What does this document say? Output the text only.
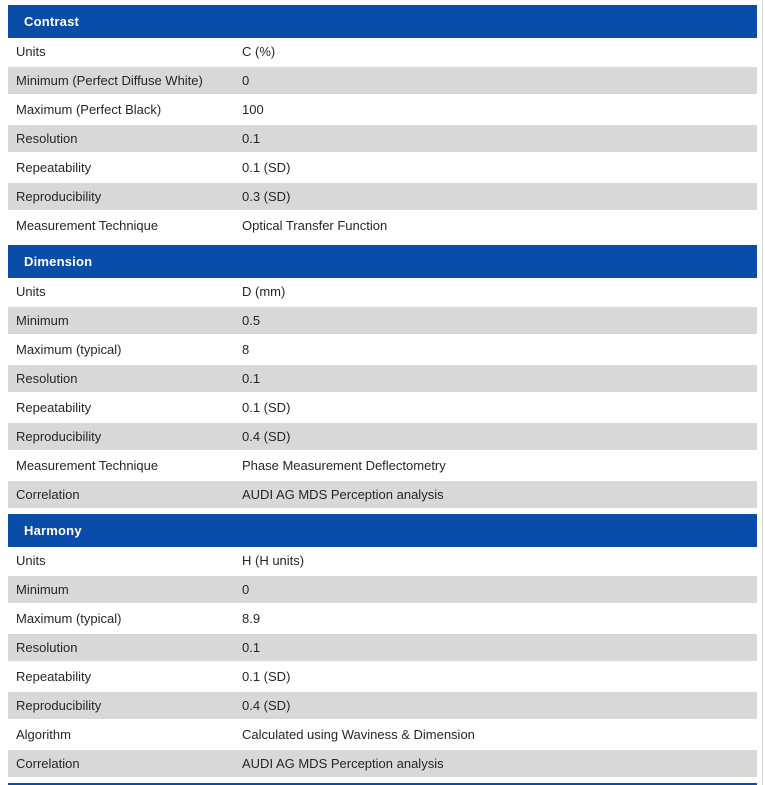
Contrast
Units	C (%)
Minimum (Perfect Diffuse White)	0
Maximum (Perfect Black)	100
Resolution	0.1
Repeatability	0.1 (SD)
Reproducibility	0.3 (SD)
Measurement Technique	Optical Transfer Function
Dimension
Units	D (mm)
Minimum	0.5
Maximum (typical)	8
Resolution	0.1
Repeatability	0.1 (SD)
Reproducibility	0.4 (SD)
Measurement Technique	Phase Measurement Deflectometry
Correlation	AUDI AG MDS Perception analysis
Harmony
Units	H (H units)
Minimum	0
Maximum (typical)	8.9
Resolution	0.1
Repeatability	0.1 (SD)
Reproducibility	0.4 (SD)
Algorithm	Calculated using Waviness & Dimension
Correlation	AUDI AG MDS Perception analysis
